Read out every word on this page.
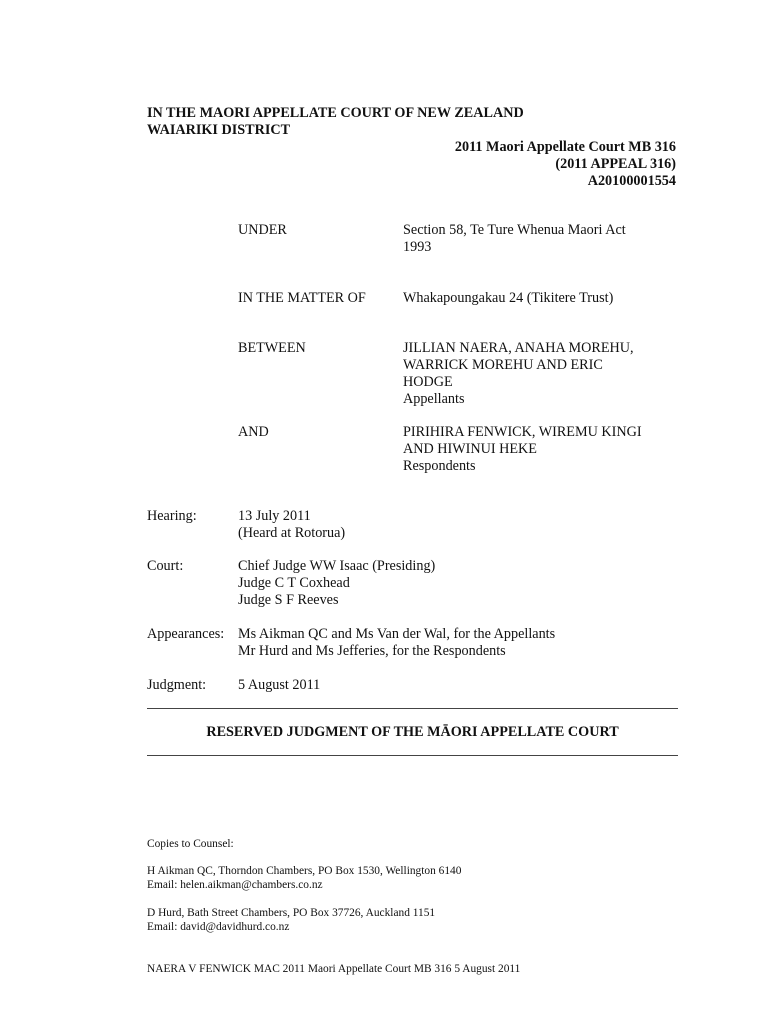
IN THE MAORI APPELLATE COURT OF NEW ZEALAND
WAIARIKI DISTRICT
2011 Maori Appellate Court MB 316
(2011 APPEAL 316)
A20100001554
UNDER	Section 58, Te Ture Whenua Maori Act
1993
IN THE MATTER OF	Whakapoungakau 24 (Tikitere Trust)
BETWEEN	JILLIAN NAERA, ANAHA MOREHU,
WARRICK MOREHU AND ERIC
HODGE
Appellants
AND	PIRIHIRA FENWICK, WIREMU KINGI
AND HIWINUI HEKE
Respondents
Hearing:	13 July 2011
(Heard at Rotorua)
Court:	Chief Judge WW Isaac (Presiding)
Judge C T Coxhead
Judge S F Reeves
Appearances: Ms Aikman QC and Ms Van der Wal, for the Appellants
Mr Hurd and Ms Jefferies, for the Respondents
Judgment: 5 August 2011
RESERVED JUDGMENT OF THE MĀORI APPELLATE COURT
Copies to Counsel:
H Aikman QC, Thorndon Chambers, PO Box 1530, Wellington 6140
Email: helen.aikman@chambers.co.nz
D Hurd, Bath Street Chambers, PO Box 37726, Auckland 1151
Email: david@davidhurd.co.nz
NAERA V FENWICK MAC 2011 Maori Appellate Court MB 316 5 August 2011
